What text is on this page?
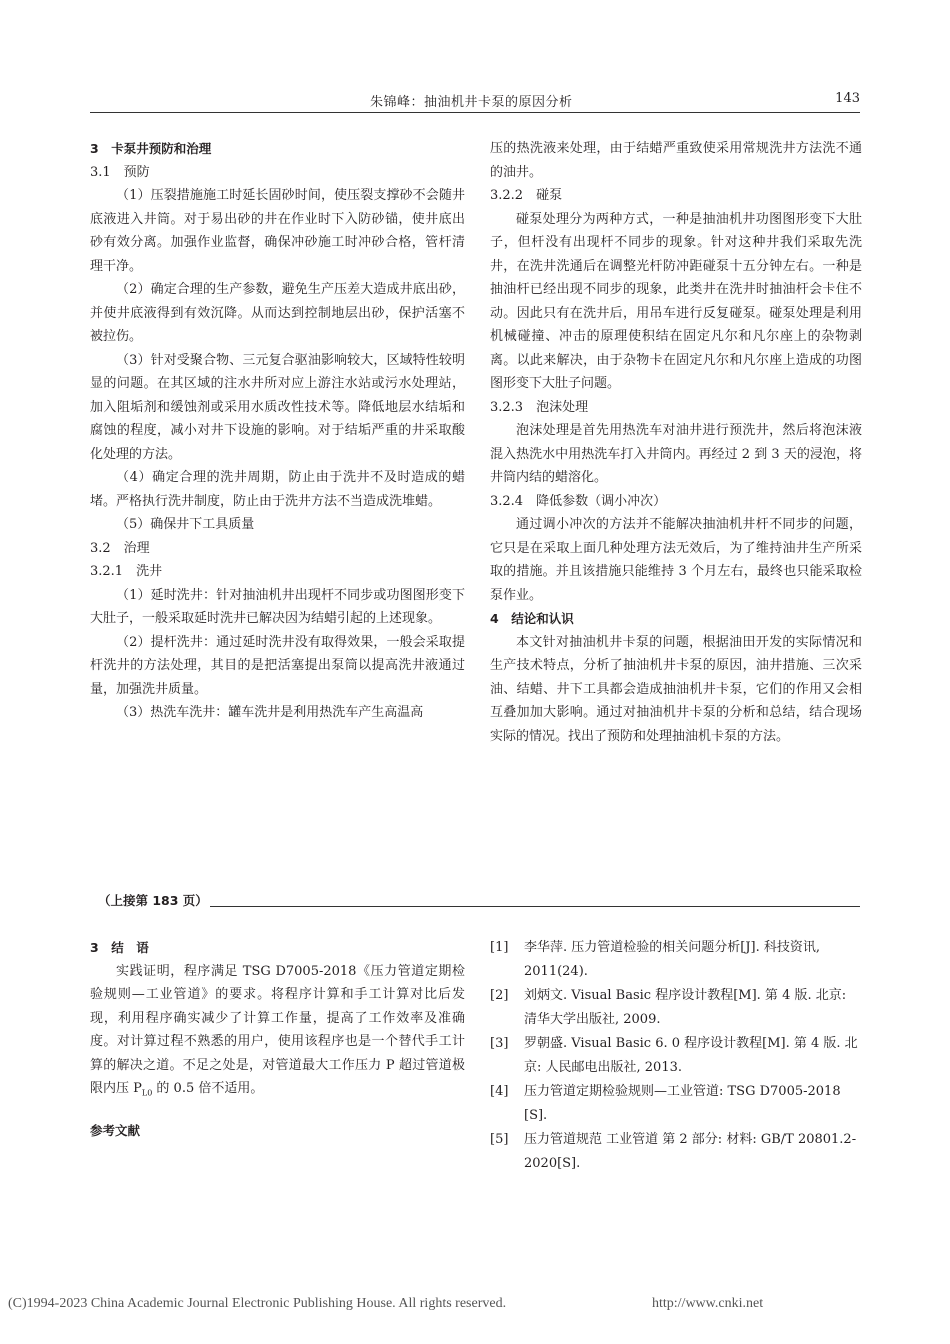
朱锦峰：抽油机井卡泵的原因分析	143

3　卡泵井预防和治理

3.1　预防

（1）压裂措施施工时延长固砂时间，使压裂支撑砂不会随井底液进入井筒。对于易出砂的井在作业时下入防砂锚，使井底出砂有效分离。加强作业监督，确保冲砂施工时冲砂合格，管杆清理干净。

（2）确定合理的生产参数，避免生产压差大造成井底出砂，并使井底液得到有效沉降。从而达到控制地层出砂，保护活塞不被拉伤。

（3）针对受聚合物、三元复合驱油影响较大，区域特性较明显的问题。在其区域的注水井所对应上游注水站或污水处理站，加入阻垢剂和缓蚀剂或采用水质改性技术等。降低地层水结垢和腐蚀的程度，减小对井下设施的影响。对于结垢严重的井采取酸化处理的方法。

（4）确定合理的洗井周期，防止由于洗井不及时造成的蜡堵。严格执行洗井制度，防止由于洗井方法不当造成洗堆蜡。

（5）确保井下工具质量

3.2　治理

3.2.1　洗井

（1）延时洗井：针对抽油机井出现杆不同步或功图图形变下大肚子，一般采取延时洗井已解决因为结蜡引起的上述现象。

（2）提杆洗井：通过延时洗井没有取得效果，一般会采取提杆洗井的方法处理，其目的是把活塞提出泵筒以提高洗井液通过量，加强洗井质量。

（3）热洗车洗井：罐车洗井是利用热洗车产生高温高

压的热洗液来处理，由于结蜡严重致使采用常规洗井方法洗不通的油井。

3.2.2　碰泵

碰泵处理分为两种方式，一种是抽油机井功图图形变下大肚子，但杆没有出现杆不同步的现象。针对这种井我们采取先洗井，在洗井洗通后在调整光杆防冲距碰泵十五分钟左右。一种是抽油杆已经出现不同步的现象，此类井在洗井时抽油杆会卡住不动。因此只有在洗井后，用吊车进行反复碰泵。碰泵处理是利用机械碰撞、冲击的原理使积结在固定凡尔和凡尔座上的杂物剥离。以此来解决，由于杂物卡在固定凡尔和凡尔座上造成的功图图形变下大肚子问题。

3.2.3　泡沫处理

泡沫处理是首先用热洗车对油井进行预洗井，然后将泡沫液混入热洗水中用热洗车打入井筒内。再经过 2 到 3 天的浸泡，将井筒内结的蜡溶化。

3.2.4　降低参数（调小冲次）

通过调小冲次的方法并不能解决抽油机井杆不同步的问题，它只是在采取上面几种处理方法无效后，为了维持油井生产所采取的措施。并且该措施只能维持 3 个月左右，最终也只能采取检泵作业。

4　结论和认识

本文针对抽油机井卡泵的问题，根据油田开发的实际情况和生产技术特点，分析了抽油机井卡泵的原因，油井措施、三次采油、结蜡、井下工具都会造成抽油机井卡泵，它们的作用又会相互叠加加大影响。通过对抽油机井卡泵的分析和总结，结合现场实际的情况。找出了预防和处理抽油机卡泵的方法。

（上接第 183 页）

3　结　语

实践证明，程序满足 TSG D7005-2018《压力管道定期检验规则—工业管道》的要求。将程序计算和手工计算对比后发现，利用程序确实减少了计算工作量，提高了工作效率及准确度。对计算过程不熟悉的用户，使用该程序也是一个替代手工计算的解决之道。不足之处是，对管道最大工作压力 P 超过管道极限内压 $P_{L0}$ 的 0.5 倍不适用。

参考文献

[1]	李华萍. 压力管道检验的相关问题分析[J]. 科技资讯, 2011(24).
[2]	刘炳文. Visual Basic 程序设计教程[M]. 第 4 版. 北京: 清华大学出版社, 2009.
[3]	罗朝盛. Visual Basic 6. 0 程序设计教程[M]. 第 4 版. 北京: 人民邮电出版社, 2013.
[4]	压力管道定期检验规则—工业管道: TSG D7005-2018 [S].
[5]	压力管道规范 工业管道 第 2 部分: 材料: GB/T 20801.2-2020[S].
(C)1994-2023 China Academic Journal Electronic Publishing House. All rights reserved.	http://www.cnki.net
